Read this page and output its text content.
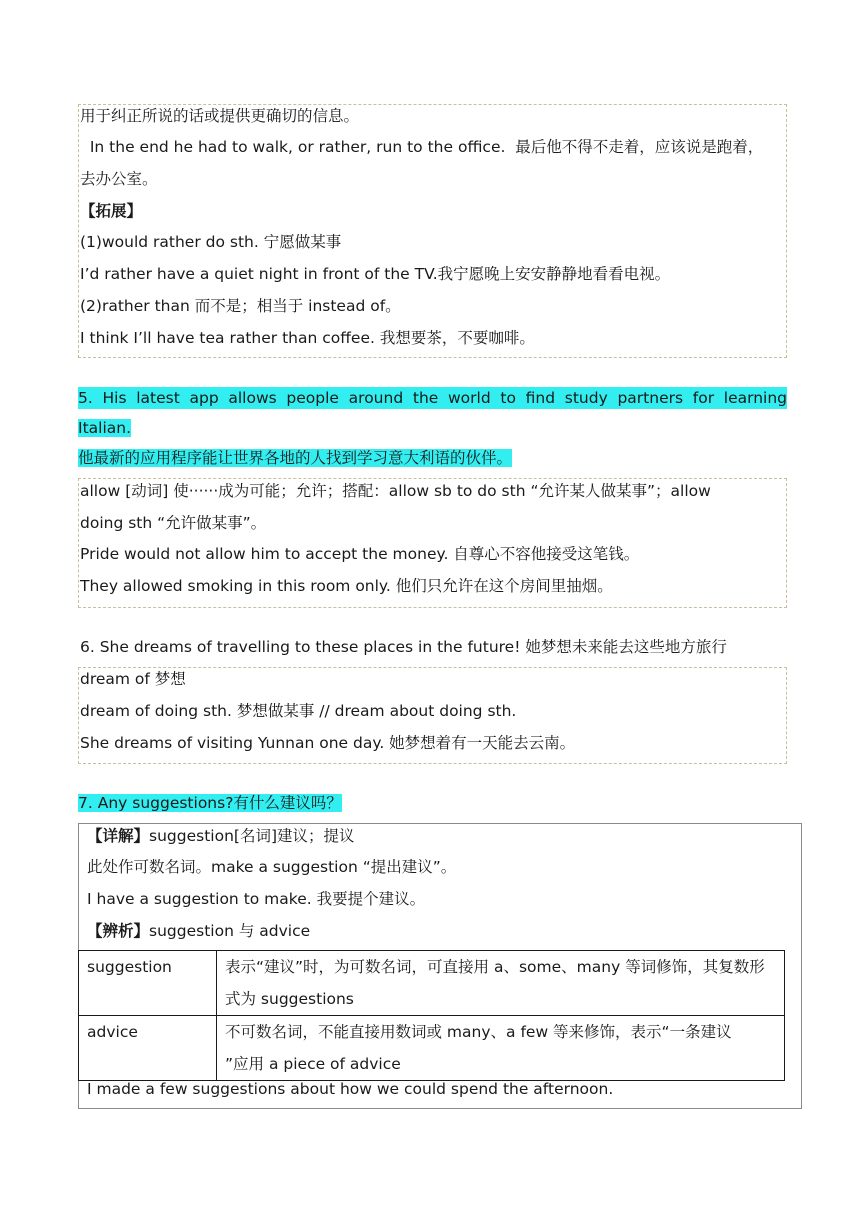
用于纠正所说的话或提供更确切的信息。
In the end he had to walk, or rather, run to the office.  最后他不得不走着，应该说是跑着，
去办公室。
【拓展】
(1)would rather do sth. 宁愿做某事
I’d rather have a quiet night in front of the TV.我宁愿晚上安安静静地看看电视。
(2)rather than 而不是；相当于 instead of。
I think I’ll have tea rather than coffee. 我想要茶，不要咖啡。
5. His latest app allows people around the world to find study partners for learning
Italian.
他最新的应用程序能让世界各地的人找到学习意大利语的伙伴。
allow [动词] 使······成为可能；允许；搭配：allow sb to do sth “允许某人做某事”；allow
doing sth “允许做某事”。
Pride would not allow him to accept the money. 自尊心不容他接受这笔钱。
They allowed smoking in this room only. 他们只允许在这个房间里抽烟。
6. She dreams of travelling to these places in the future! 她梦想未来能去这些地方旅行
dream of 梦想
dream of doing sth. 梦想做某事 // dream about doing sth.
She dreams of visiting Yunnan one day. 她梦想着有一天能去云南。
7. Any suggestions?有什么建议吗？
【详解】suggestion[名词]建议；提议
此处作可数名词。make a suggestion “提出建议”。
I have a suggestion to make. 我要提个建议。
【辨析】suggestion 与 advice
suggestion	表示“建议”时，为可数名词，可直接用 a、some、many 等词修饰，其复数形
式为 suggestions

advice	不可数名词，不能直接用数词或 many、a few 等来修饰，表示“一条建议
”应用 a piece of advice
I made a few suggestions about how we could spend the afternoon.
